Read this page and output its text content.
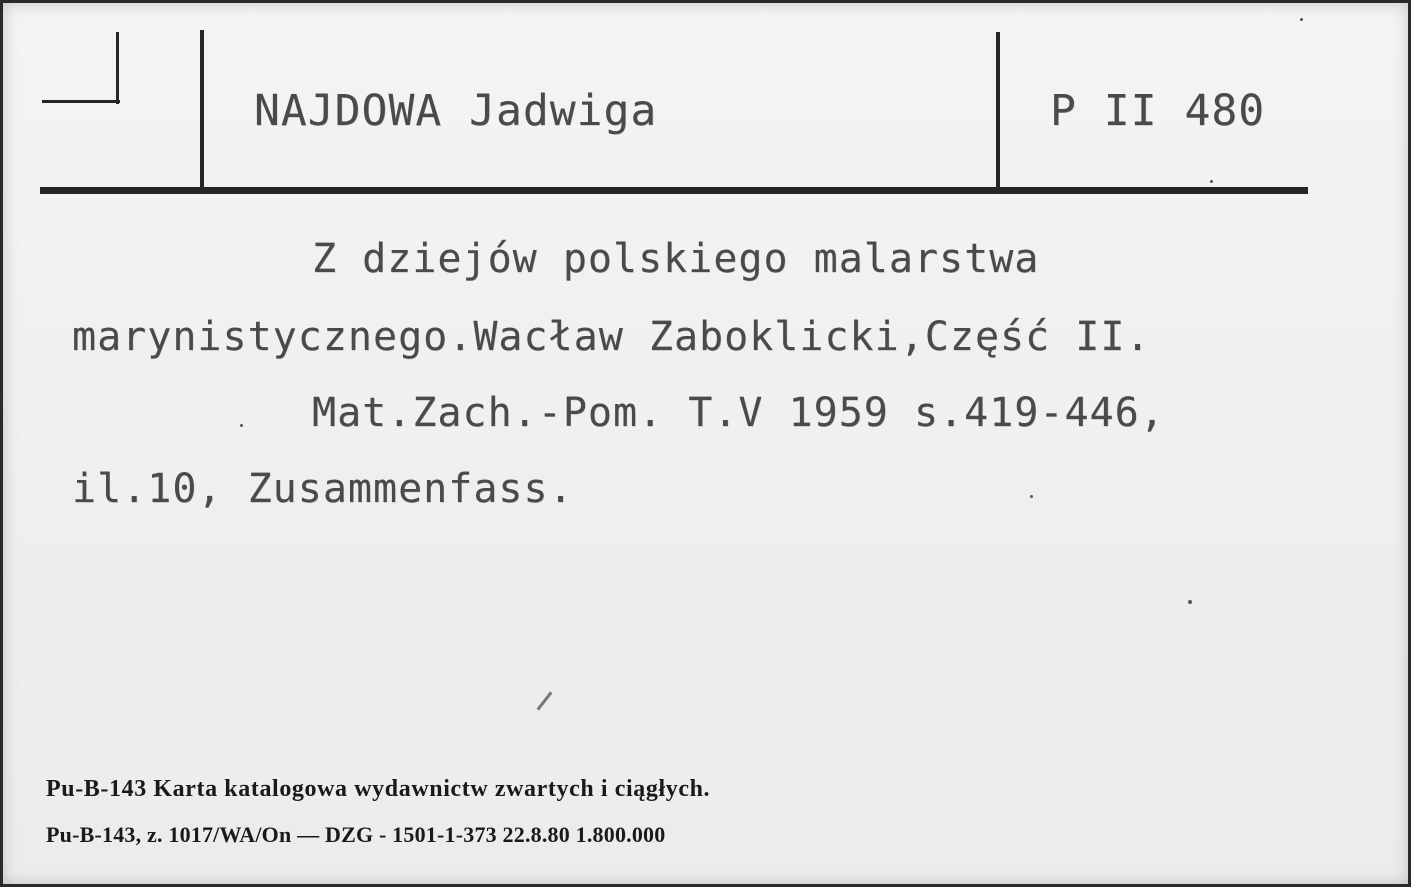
NAJDOWA Jadwiga	P II 480
Z dziejów polskiego malarstwa
marynistycznego.Wacław Zaboklicki,Część II.
Mat.Zach.-Pom. T.V 1959 s.419-446,
il.10, Zusammenfass.
Pu-B-143 Karta katalogowa wydawnictw zwartych i ciągłych.
Pu-B-143, z. 1017/WA/On — DZG - 1501-1-373 22.8.80 1.800.000
